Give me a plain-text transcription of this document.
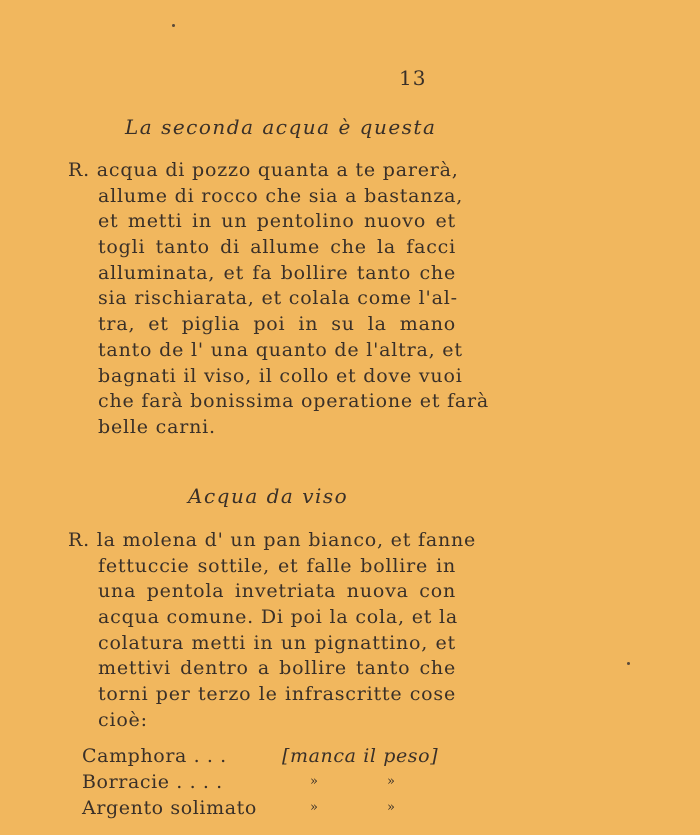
13
La seconda acqua è questa
R. acqua di pozzo quanta a te parerà,
allume di rocco che sia a bastanza,
et metti in un pentolino nuovo et
togli tanto di allume che la facci
alluminata, et fa bollire tanto che
sia rischiarata, et colala come l'al-
tra, et piglia poi in su la mano
tanto de l' una quanto de l'altra, et
bagnati il viso, il collo et dove vuoi
che farà bonissima operatione et farà
belle carni.
Acqua da viso
R. la molena d' un pan bianco, et fanne
fettuccie sottile, et falle bollire in
una pentola invetriata nuova con
acqua comune. Di poi la cola, et la
colatura metti in un pignattino, et
mettivi dentro a bollire tanto che
torni per terzo le infrascritte cose
cioè:
Camphora . . .	[manca il peso]
Borracie . . . .	»	»
Argento solimato	»	»
